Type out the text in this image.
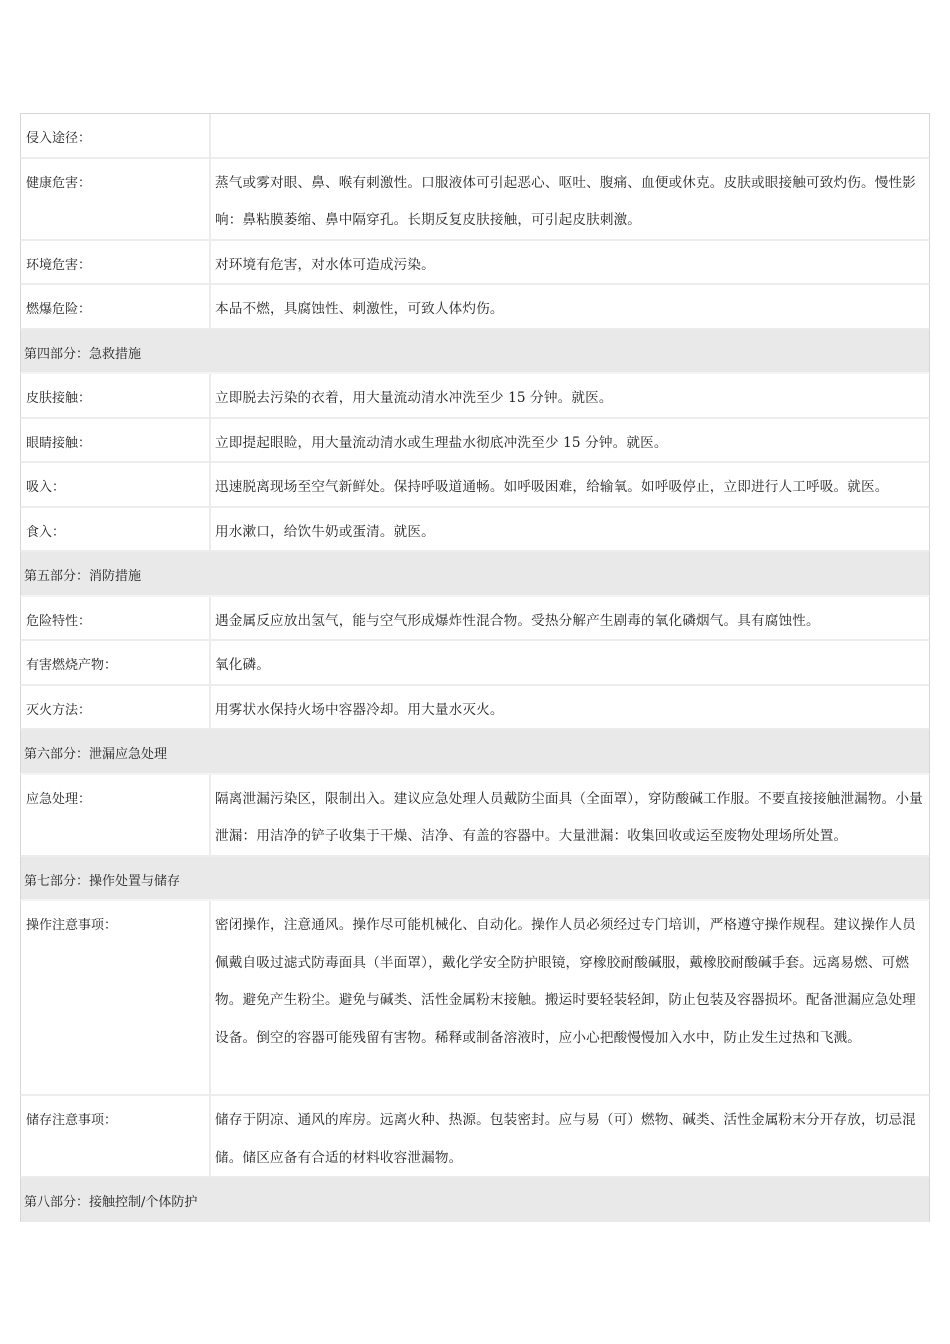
侵入途径：
健康危害：	蒸气或雾对眼、鼻、喉有刺激性。口服液体可引起恶心、呕吐、腹痛、血便或休克。皮肤或眼接触可致灼伤。慢性影响：鼻粘膜萎缩、鼻中隔穿孔。长期反复皮肤接触，可引起皮肤刺激。
环境危害：	对环境有危害，对水体可造成污染。
燃爆危险：	本品不燃，具腐蚀性、刺激性，可致人体灼伤。
第四部分：急救措施
皮肤接触：	立即脱去污染的衣着，用大量流动清水冲洗至少 15 分钟。就医。
眼睛接触：	立即提起眼睑，用大量流动清水或生理盐水彻底冲洗至少 15 分钟。就医。
吸入：	迅速脱离现场至空气新鲜处。保持呼吸道通畅。如呼吸困难，给输氧。如呼吸停止，立即进行人工呼吸。就医。
食入：	用水漱口，给饮牛奶或蛋清。就医。
第五部分：消防措施
危险特性：	遇金属反应放出氢气，能与空气形成爆炸性混合物。受热分解产生剧毒的氧化磷烟气。具有腐蚀性。
有害燃烧产物：	氧化磷。
灭火方法：	用雾状水保持火场中容器冷却。用大量水灭火。
第六部分：泄漏应急处理
应急处理：	隔离泄漏污染区，限制出入。建议应急处理人员戴防尘面具（全面罩），穿防酸碱工作服。不要直接接触泄漏物。小量泄漏：用洁净的铲子收集于干燥、洁净、有盖的容器中。大量泄漏：收集回收或运至废物处理场所处置。
第七部分：操作处置与储存
操作注意事项：	密闭操作，注意通风。操作尽可能机械化、自动化。操作人员必须经过专门培训，严格遵守操作规程。建议操作人员佩戴自吸过滤式防毒面具（半面罩），戴化学安全防护眼镜，穿橡胶耐酸碱服，戴橡胶耐酸碱手套。远离易燃、可燃物。避免产生粉尘。避免与碱类、活性金属粉末接触。搬运时要轻装轻卸，防止包装及容器损坏。配备泄漏应急处理设备。倒空的容器可能残留有害物。稀释或制备溶液时，应小心把酸慢慢加入水中，防止发生过热和飞溅。
储存注意事项：	储存于阴凉、通风的库房。远离火种、热源。包装密封。应与易（可）燃物、碱类、活性金属粉末分开存放，切忌混储。储区应备有合适的材料收容泄漏物。
第八部分：接触控制/个体防护
